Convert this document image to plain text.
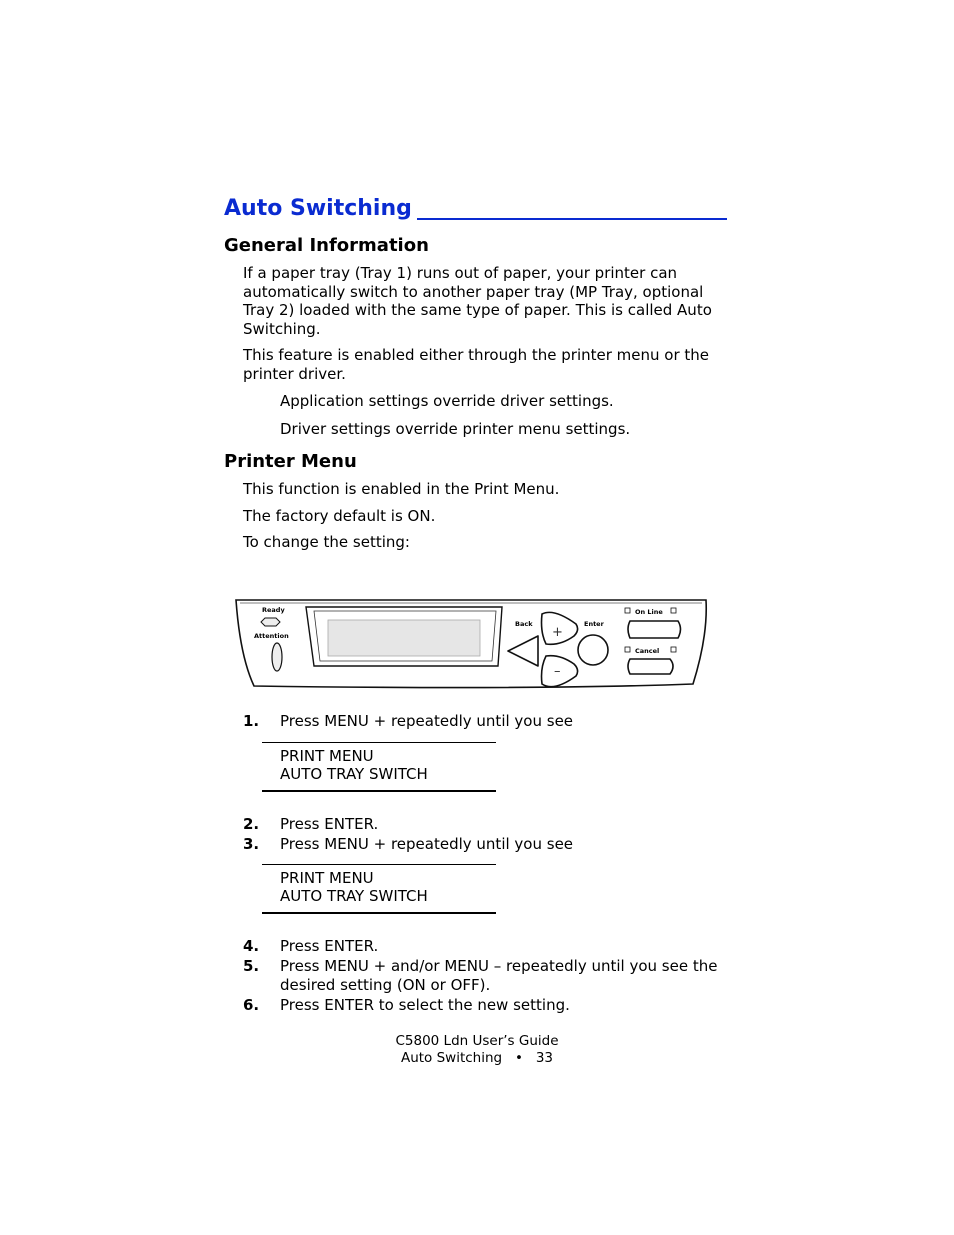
Auto Switching
General Information
If a paper tray (Tray 1) runs out of paper, your printer can automatically switch to another paper tray (MP Tray, optional Tray 2) loaded with the same type of paper. This is called Auto Switching.
This feature is enabled either through the printer menu or the printer driver.
Application settings override driver settings.
Driver settings override printer menu settings.
Printer Menu
This function is enabled in the Print Menu.
The factory default is ON.
To change the setting:
Ready
Attention
Back	Enter
+
–
On Line
Cancel
1. Press MENU + repeatedly until you see
PRINT MENU
AUTO TRAY SWITCH
2. Press ENTER.
3. Press MENU + repeatedly until you see
PRINT MENU
AUTO TRAY SWITCH
4. Press ENTER.
5. Press MENU + and/or MENU – repeatedly until you see the desired setting (ON or OFF).
6. Press ENTER to select the new setting.
C5800 Ldn User’s Guide
Auto Switching • 33
